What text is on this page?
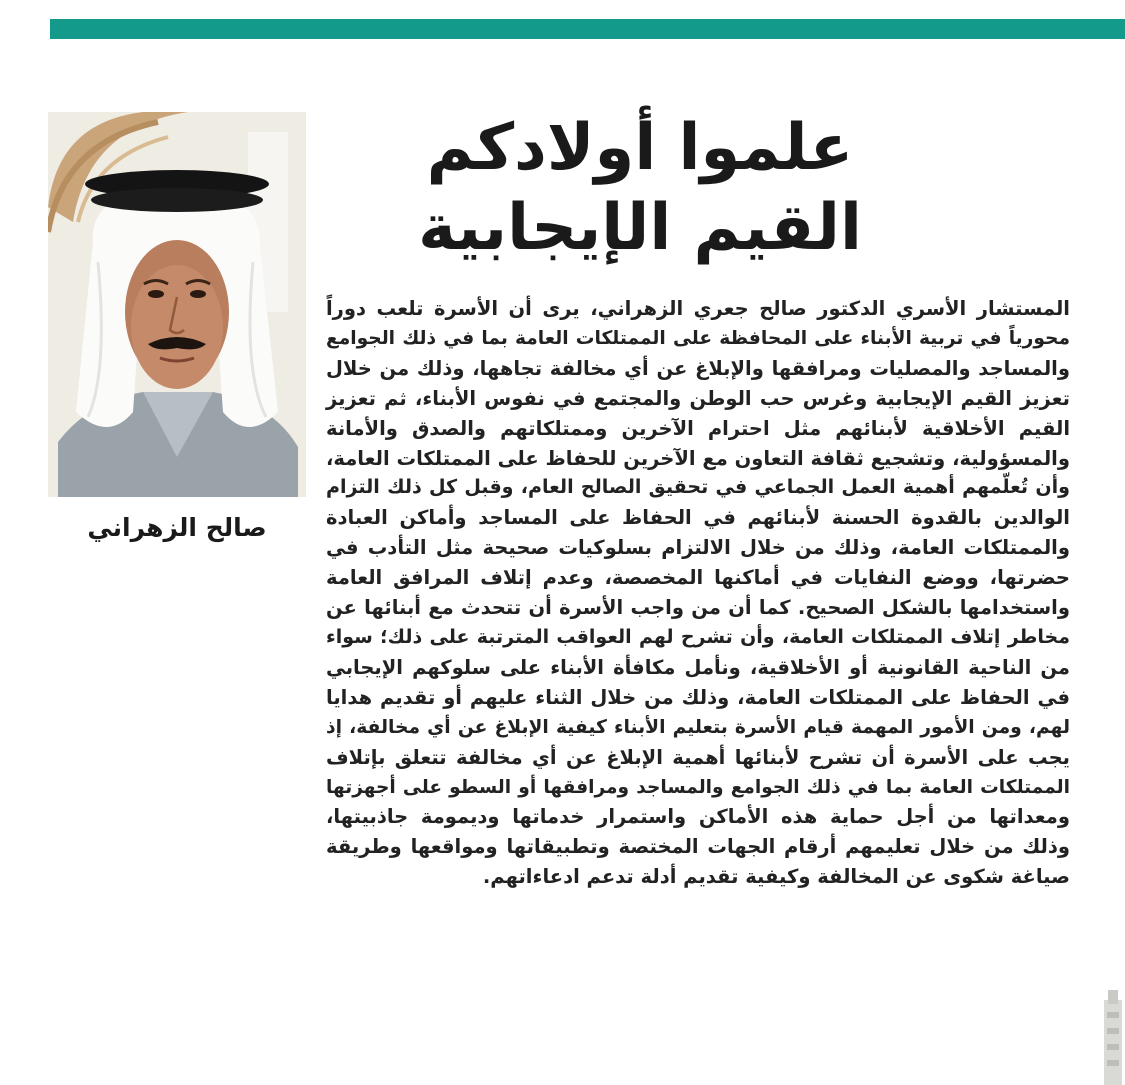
علموا أولادكم
القيم الإيجابية
صالح الزهراني
المستشار الأسري الدكتور صالح جعري الزهراني، يرى أن الأسرة تلعب دوراً
محورياً في تربية الأبناء على المحافظة على الممتلكات العامة بما في ذلك الجوامع
والمساجد والمصليات ومرافقها والإبلاغ عن أي مخالفة تجاهها، وذلك من خلال
تعزيز القيم الإيجابية وغرس حب الوطن والمجتمع في نفوس الأبناء، ثم تعزيز
القيم الأخلاقية لأبنائهم مثل احترام الآخرين وممتلكاتهم والصدق والأمانة
والمسؤولية، وتشجيع ثقافة التعاون مع الآخرين للحفاظ على الممتلكات العامة،
وأن تُعلّمهم أهمية العمل الجماعي في تحقيق الصالح العام، وقبل كل ذلك التزام
الوالدين بالقدوة الحسنة لأبنائهم في الحفاظ على المساجد وأماكن العبادة
والممتلكات العامة، وذلك من خلال الالتزام بسلوكيات صحيحة مثل التأدب في
حضرتها، ووضع النفايات في أماكنها المخصصة، وعدم إتلاف المرافق العامة
واستخدامها بالشكل الصحيح. كما أن من واجب الأسرة أن تتحدث مع أبنائها عن
مخاطر إتلاف الممتلكات العامة، وأن تشرح لهم العواقب المترتبة على ذلك؛ سواء
من الناحية القانونية أو الأخلاقية، ونأمل مكافأة الأبناء على سلوكهم الإيجابي
في الحفاظ على الممتلكات العامة، وذلك من خلال الثناء عليهم أو تقديم هدايا
لهم، ومن الأمور المهمة قيام الأسرة بتعليم الأبناء كيفية الإبلاغ عن أي مخالفة، إذ
يجب على الأسرة أن تشرح لأبنائها أهمية الإبلاغ عن أي مخالفة تتعلق بإتلاف
الممتلكات العامة بما في ذلك الجوامع والمساجد ومرافقها أو السطو على أجهزتها
ومعداتها من أجل حماية هذه الأماكن واستمرار خدماتها وديمومة جاذبيتها،
وذلك من خلال تعليمهم أرقام الجهات المختصة وتطبيقاتها ومواقعها وطريقة
صياغة شكوى عن المخالفة وكيفية تقديم أدلة تدعم ادعاءاتهم.
